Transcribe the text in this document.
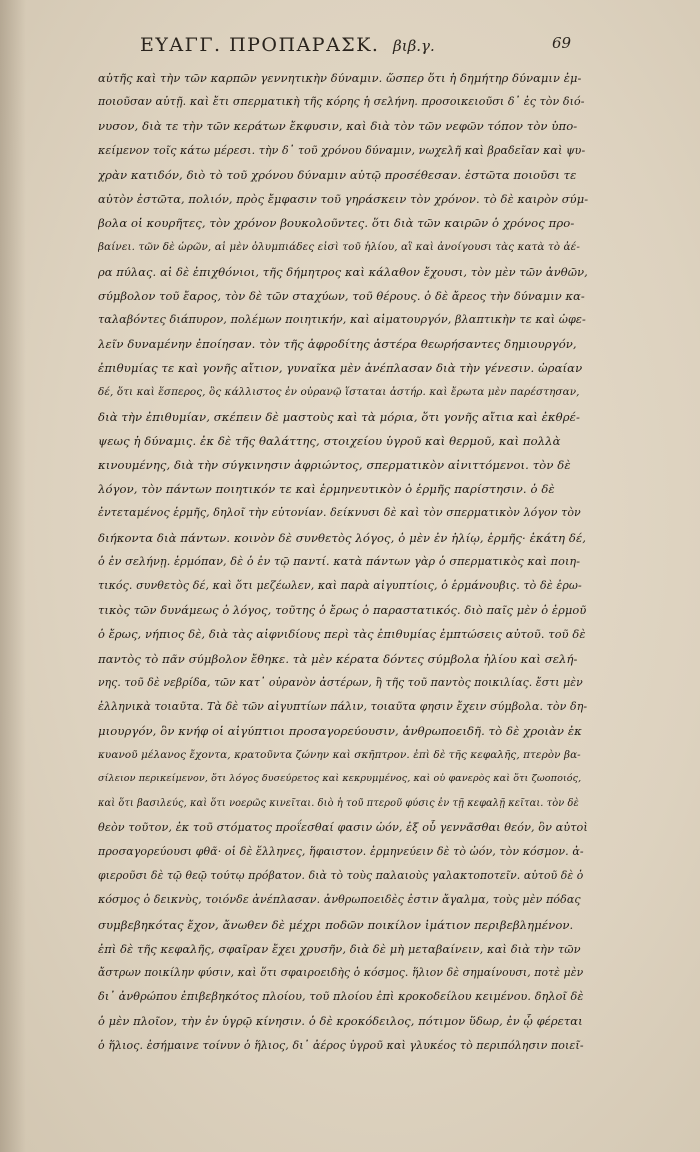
ΕΥΑΓΓ. ΠΡΟΠΑΡΑΣΚ. βιβ.γ.	69
αὐτῆς καὶ τὴν τῶν καρπῶν γεννητικὴν δύναμιν. ὥσπερ ὅτι ἡ δημήτηρ δύναμιν ἐμ-
ποιοῦσαν αὐτῇ. καὶ ἔτι σπερματικὴ τῆς κόρης ἡ σελήνη. προσοικειοῦσι δ᾽ ἐς τὸν διό-
νυσον, διὰ τε τὴν τῶν κεράτων ἔκφυσιν, καὶ διὰ τὸν τῶν νεφῶν τόπον τὸν ὑπο-
κείμενον τοῖς κάτω μέρεσι. τὴν δ᾽ τοῦ χρόνου δύναμιν, νωχελῆ καὶ βραδεῖαν καὶ ψυ-
χρὰν κατιδόν, διὸ τὸ τοῦ χρόνου δύναμιν αὐτῷ προσέθεσαν. ἑστῶτα ποιοῦσι τε
αὐτὸν ἑστῶτα, πολιόν, πρὸς ἔμφασιν τοῦ γηράσκειν τὸν χρόνον. τὸ δὲ καιρὸν σύμ-
βολα οἱ κουρῆτες, τὸν χρόνον βουκολοῦντες. ὅτι διὰ τῶν καιρῶν ὁ χρόνος προ-
βαίνει. τῶν δὲ ὡρῶν, αἱ μὲν ὀλυμπιάδες εἰσὶ τοῦ ἡλίου, αἳ καὶ ἀνοίγουσι τὰς κατὰ τὸ ἀέ-
ρα πύλας. αἱ δὲ ἐπιχθόνιοι, τῆς δήμητρος καὶ κάλαθον ἔχουσι, τὸν μὲν τῶν ἀνθῶν,
σύμβολον τοῦ ἔαρος, τὸν δὲ τῶν σταχύων, τοῦ θέρους. ὁ δὲ ἄρεος τὴν δύναμιν κα-
ταλαβόντες διάπυρον, πολέμων ποιητικήν, καὶ αἱματουργόν, βλαπτικὴν τε καὶ ὠφε-
λεῖν δυναμένην ἐποίησαν. τὸν τῆς ἀφροδίτης ἀστέρα θεωρήσαντες δημιουργόν,
ἐπιθυμίας τε καὶ γονῆς αἴτιον, γυναῖκα μὲν ἀνέπλασαν διὰ τὴν γένεσιν. ὡραίαν
δέ, ὅτι καὶ ἕσπερος, ὃς κάλλιστος ἐν οὐρανῷ ἵσταται ἀστήρ. καὶ ἔρωτα μὲν παρέστησαν,
διὰ τὴν ἐπιθυμίαν, σκέπειν δὲ μαστοὺς καὶ τὰ μόρια, ὅτι γονῆς αἴτια καὶ ἐκθρέ-
ψεως ἡ δύναμις. ἐκ δὲ τῆς θαλάττης, στοιχείου ὑγροῦ καὶ θερμοῦ, καὶ πολλὰ
κινουμένης, διὰ τὴν σύγκινησιν ἀφριώντος, σπερματικὸν αἰνιττόμενοι. τὸν δὲ
λόγον, τὸν πάντων ποιητικόν τε καὶ ἑρμηνευτικὸν ὁ ἑρμῆς παρίστησιν. ὁ δὲ
ἐντεταμένος ἑρμῆς, δηλοῖ τὴν εὐτονίαν. δείκνυσι δὲ καὶ τὸν σπερματικὸν λόγον τὸν
διήκοντα διὰ πάντων. κοινὸν δὲ συνθετὸς λόγος, ὁ μὲν ἐν ἡλίῳ, ἑρμῆς· ἑκάτη δέ,
ὁ ἐν σελήνῃ. ἑρμόπαν, δὲ ὁ ἐν τῷ παντί. κατὰ πάντων γὰρ ὁ σπερματικὸς καὶ ποιη-
τικός. συνθετὸς δέ, καὶ ὅτι μεζέωλεν, καὶ παρὰ αἰγυπτίοις, ὁ ἑρμάνουβις. τὸ δὲ ἐρω-
τικὸς τῶν δυνάμεως ὁ λόγος, τοῦτης ὁ ἔρως ὁ παραστατικός. διὸ παῖς μὲν ὁ ἑρμοῦ
ὁ ἔρως, νήπιος δὲ, διὰ τὰς αἰφνιδίους περὶ τὰς ἐπιθυμίας ἐμπτώσεις αὐτοῦ. τοῦ δὲ
παντὸς τὸ πᾶν σύμβολον ἔθηκε. τὰ μὲν κέρατα δόντες σύμβολα ἡλίου καὶ σελή-
νης. τοῦ δὲ νεβρίδα, τῶν κατ᾽ οὐρανὸν ἀστέρων, ἢ τῆς τοῦ παντὸς ποικιλίας. ἔστι μὲν
ἑλληνικὰ τοιαῦτα. Τὰ δὲ τῶν αἰγυπτίων πάλιν, τοιαῦτα φησιν ἔχειν σύμβολα. τὸν δη-
μιουργόν, ὃν κνήφ οἱ αἰγύπτιοι προσαγορεύουσιν, ἀνθρωποειδῆ. τὸ δὲ χροιὰν ἐκ
κυανοῦ μέλανος ἔχοντα, κρατοῦντα ζώνην καὶ σκῆπτρον. ἐπὶ δὲ τῆς κεφαλῆς, πτερὸν βα-
σίλειον περικείμενον, ὅτι λόγος δυσεύρετος καὶ κεκρυμμένος, καὶ οὐ φανερὸς καὶ ὅτι ζωοποιός,
καὶ ὅτι βασιλεύς, καὶ ὅτι νοερῶς κινεῖται. διὸ ἡ τοῦ πτεροῦ φύσις ἐν τῇ κεφαλῇ κεῖται. τὸν δὲ
θεὸν τοῦτον, ἐκ τοῦ στόματος προΐεσθαί φασιν ὠόν, ἐξ οὗ γεννᾶσθαι θεόν, ὃν αὐτοὶ
προσαγορεύουσι φθᾶ· οἱ δὲ ἕλληνες, ἥφαιστον. ἑρμηνεύειν δὲ τὸ ὠόν, τὸν κόσμον. ἀ-
φιεροῦσι δὲ τῷ θεῷ τούτῳ πρόβατον. διὰ τὸ τοὺς παλαιοὺς γαλακτοποτεῖν. αὐτοῦ δὲ ὁ
κόσμος ὁ δεικνὺς, τοιόνδε ἀνέπλασαν. ἀνθρωποειδὲς ἐστιν ἄγαλμα, τοὺς μὲν πόδας
συμβεβηκότας ἔχον, ἄνωθεν δὲ μέχρι ποδῶν ποικίλον ἱμάτιον περιβεβλημένον.
ἐπὶ δὲ τῆς κεφαλῆς, σφαῖραν ἔχει χρυσῆν, διὰ δὲ μὴ μεταβαίνειν, καὶ διὰ τὴν τῶν
ἄστρων ποικίλην φύσιν, καὶ ὅτι σφαιροειδὴς ὁ κόσμος. ἥλιον δὲ σημαίνουσι, ποτὲ μὲν
δι᾽ ἀνθρώπου ἐπιβεβηκότος πλοίου, τοῦ πλοίου ἐπὶ κροκοδείλου κειμένου. δηλοῖ δὲ
ὁ μὲν πλοῖον, τὴν ἐν ὑγρῷ κίνησιν. ὁ δὲ κροκόδειλος, πότιμον ὕδωρ, ἐν ᾧ φέρεται
ὁ ἥλιος. ἐσήμαινε τοίνυν ὁ ἥλιος, δι᾽ ἀέρος ὑγροῦ καὶ γλυκέος τὸ περιπόλησιν ποιεῖ-
